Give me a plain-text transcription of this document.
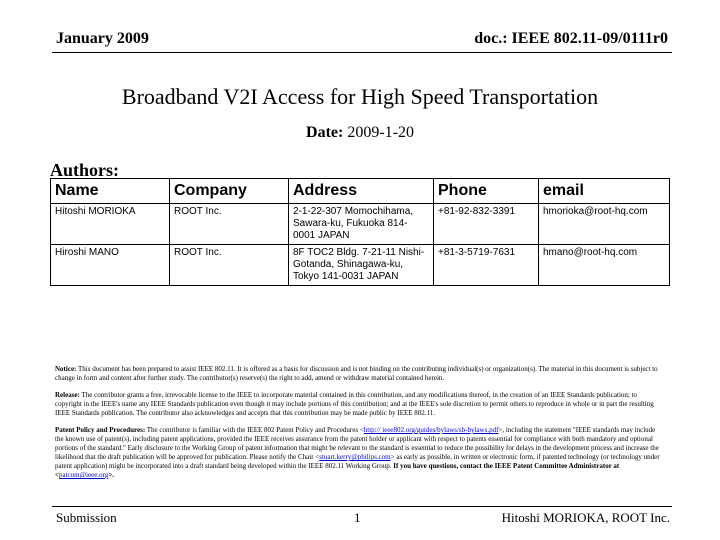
January 2009	doc.: IEEE 802.11-09/0111r0
Broadband V2I Access for High Speed Transportation
Date: 2009-1-20
Authors:
Name	Company	Address	Phone	email
Hitoshi MORIOKA	ROOT Inc.	2-1-22-307 Momochihama, Sawara-ku, Fukuoka 814-0001 JAPAN	+81-92-832-3391	hmorioka@root-hq.com
Hiroshi MANO	ROOT Inc.	8F TOC2 Bldg. 7-21-11 Nishi-Gotanda, Shinagawa-ku, Tokyo 141-0031 JAPAN	+81-3-5719-7631	hmano@root-hq.com

Notice: This document has been prepared to assist IEEE 802.11. It is offered as a basis for discussion and is not binding on the contributing individual(s) or organization(s). The material in this document is subject to change in form and content after further study. The contributor(s) reserve(s) the right to add, amend or withdraw material contained herein.

Release: The contributor grants a free, irrevocable license to the IEEE to incorporate material contained in this contribution, and any modifications thereof, in the creation of an IEEE Standards publication; to copyright in the IEEE's name any IEEE Standards publication even though it may include portions of this contribution; and at the IEEE's sole discretion to permit others to reproduce in whole or in part the resulting IEEE Standards publication. The contributor also acknowledges and accepts that this contribution may be made public by IEEE 802.11.

Patent Policy and Procedures: The contributor is familiar with the IEEE 802 Patent Policy and Procedures <http:// ieee802.org/guides/bylaws/sb-bylaws.pdf>, including the statement "IEEE standards may include the known use of patent(s), including patent applications, provided the IEEE receives assurance from the patent holder or applicant with respect to patents essential for compliance with both mandatory and optional portions of the standard." Early disclosure to the Working Group of patent information that might be relevant to the standard is essential to reduce the possibility for delays in the development process and increase the likelihood that the draft publication will be approved for publication. Please notify the Chair <stuart.kerry@philips.com> as early as possible, in written or electronic form, if patented technology (or technology under patent application) might be incorporated into a draft standard being developed within the IEEE 802.11 Working Group. If you have questions, contact the IEEE Patent Committee Administrator at <patcom@ieee.org>.

Submission	1	Hitoshi MORIOKA, ROOT Inc.
